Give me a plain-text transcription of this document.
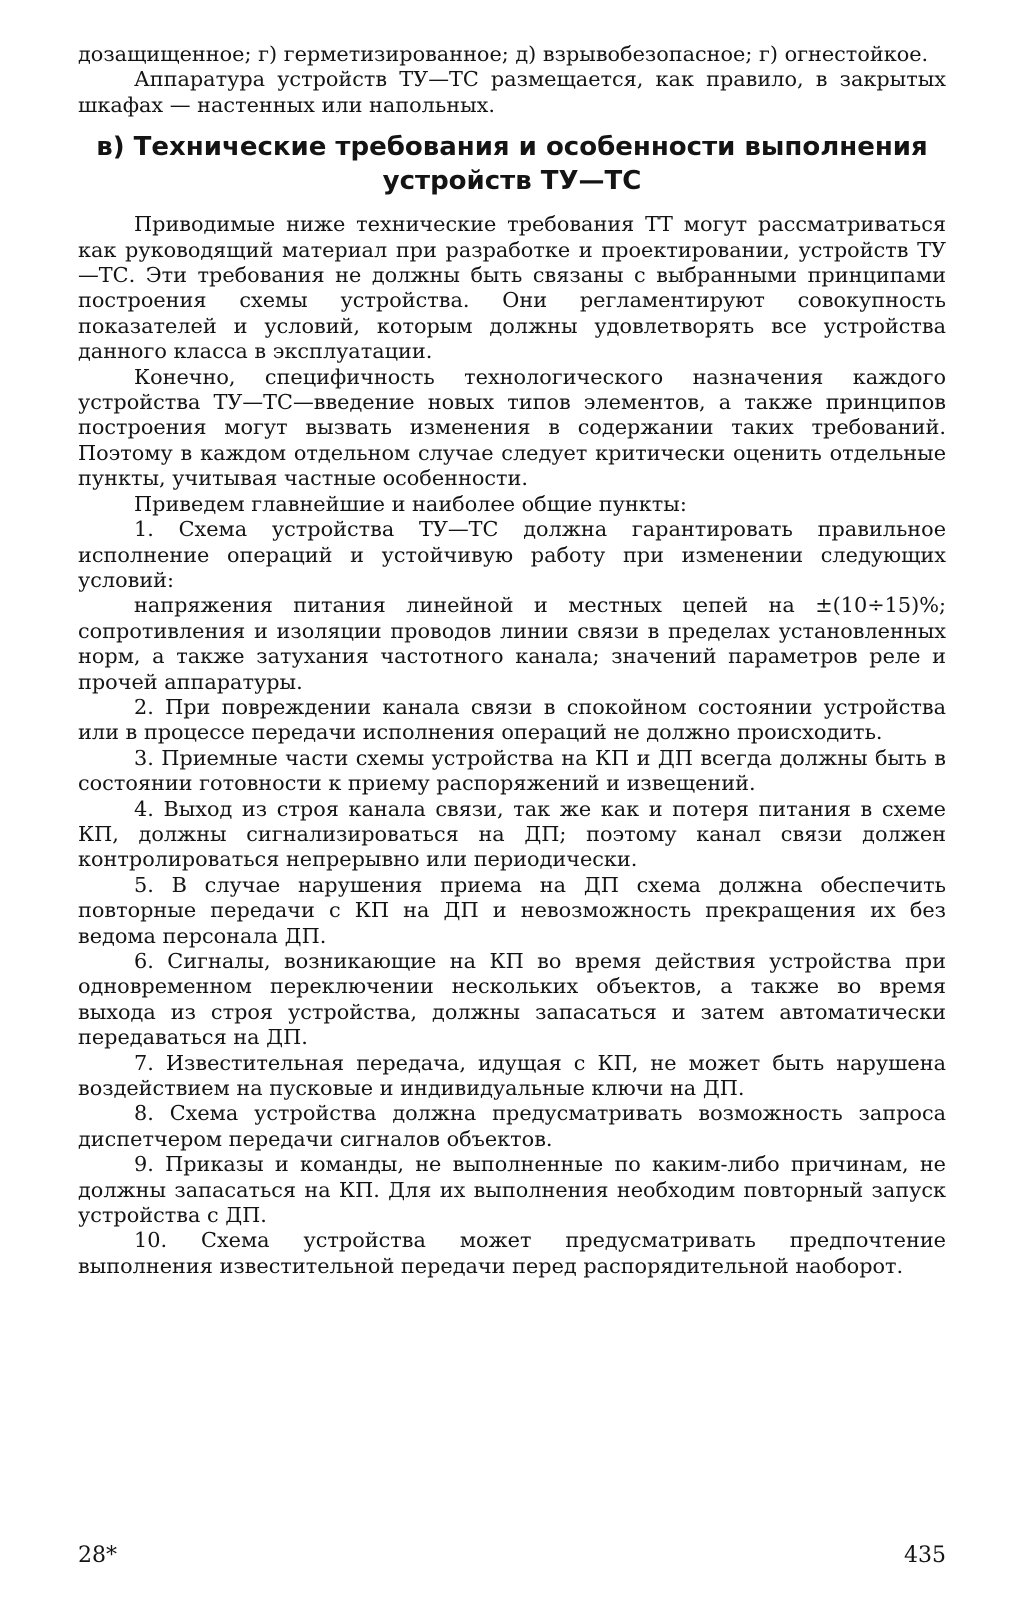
дозащищенное; г) герметизированное; д) взрывобезопасное; г) огнестойкое.

Аппаратура устройств ТУ—ТС размещается, как правило, в закрытых шкафах — настенных или напольных.

в) Технические требования и особенности выполнения
устройств ТУ—ТС

Приводимые ниже технические требования ТТ могут рассматриваться как руководящий материал при разработке и проектировании, устройств ТУ—ТС. Эти требования не должны быть связаны с выбранными принципами построения схемы устройства. Они регламентируют совокупность показателей и условий, которым должны удовлетворять все устройства данного класса в эксплуатации.

Конечно, специфичность технологического назначения каждого устройства ТУ—ТС—введение новых типов элементов, а также принципов построения могут вызвать изменения в содержании таких требований. Поэтому в каждом отдельном случае следует критически оценить отдельные пункты, учитывая частные особенности.

Приведем главнейшие и наиболее общие пункты:

1. Схема устройства ТУ—ТС должна гарантировать правильное исполнение операций и устойчивую работу при изменении следующих условий:

напряжения питания линейной и местных цепей на ±(10÷15)%; сопротивления и изоляции проводов линии связи в пределах установленных норм, а также затухания частотного канала; значений параметров реле и прочей аппаратуры.

2. При повреждении канала связи в спокойном состоянии устройства или в процессе передачи исполнения операций не должно происходить.

3. Приемные части схемы устройства на КП и ДП всегда должны быть в состоянии готовности к приему распоряжений и извещений.

4. Выход из строя канала связи, так же как и потеря питания в схеме КП, должны сигнализироваться на ДП; поэтому канал связи должен контролироваться непрерывно или периодически.

5. В случае нарушения приема на ДП схема должна обеспечить повторные передачи с КП на ДП и невозможность прекращения их без ведома персонала ДП.

6. Сигналы, возникающие на КП во время действия устройства при одновременном переключении нескольких объектов, а также во время выхода из строя устройства, должны запасаться и затем автоматически передаваться на ДП.

7. Известительная передача, идущая с КП, не может быть нарушена воздействием на пусковые и индивидуальные ключи на ДП.

8. Схема устройства должна предусматривать возможность запроса диспетчером передачи сигналов объектов.

9. Приказы и команды, не выполненные по каким-либо причинам, не должны запасаться на КП. Для их выполнения необходим повторный запуск устройства с ДП.

10. Схема устройства может предусматривать предпочтение выполнения известительной передачи перед распорядительной наоборот.

28*	435
